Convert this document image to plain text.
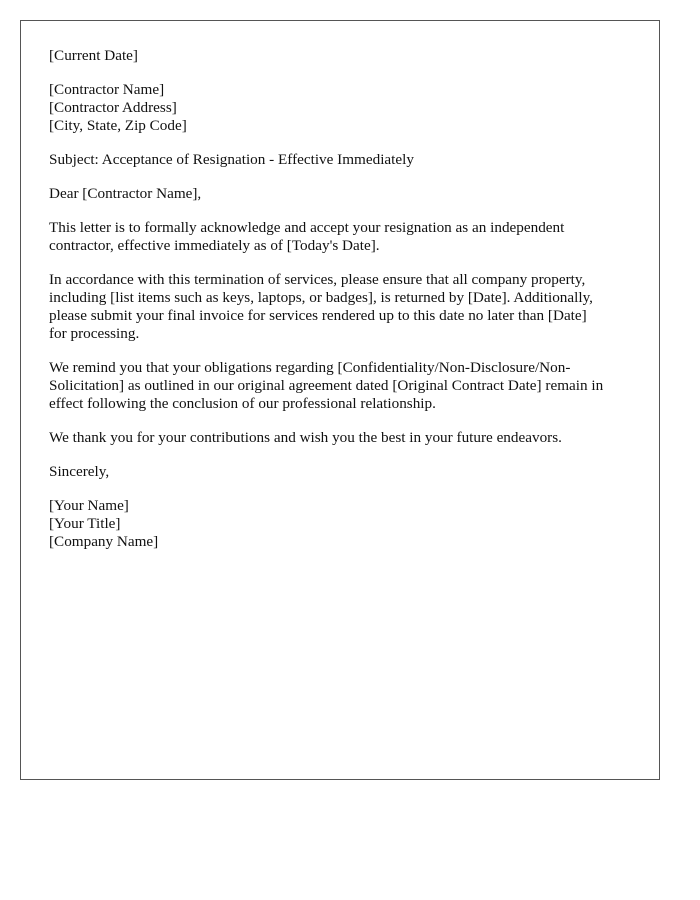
[Current Date]
[Contractor Name]
[Contractor Address]
[City, State, Zip Code]
Subject: Acceptance of Resignation - Effective Immediately
Dear [Contractor Name],
This letter is to formally acknowledge and accept your resignation as an independent
contractor, effective immediately as of [Today's Date].
In accordance with this termination of services, please ensure that all company property,
including [list items such as keys, laptops, or badges], is returned by [Date]. Additionally,
please submit your final invoice for services rendered up to this date no later than [Date]
for processing.
We remind you that your obligations regarding [Confidentiality/Non-Disclosure/Non-
Solicitation] as outlined in our original agreement dated [Original Contract Date] remain in
effect following the conclusion of our professional relationship.
We thank you for your contributions and wish you the best in your future endeavors.
Sincerely,
[Your Name]
[Your Title]
[Company Name]
